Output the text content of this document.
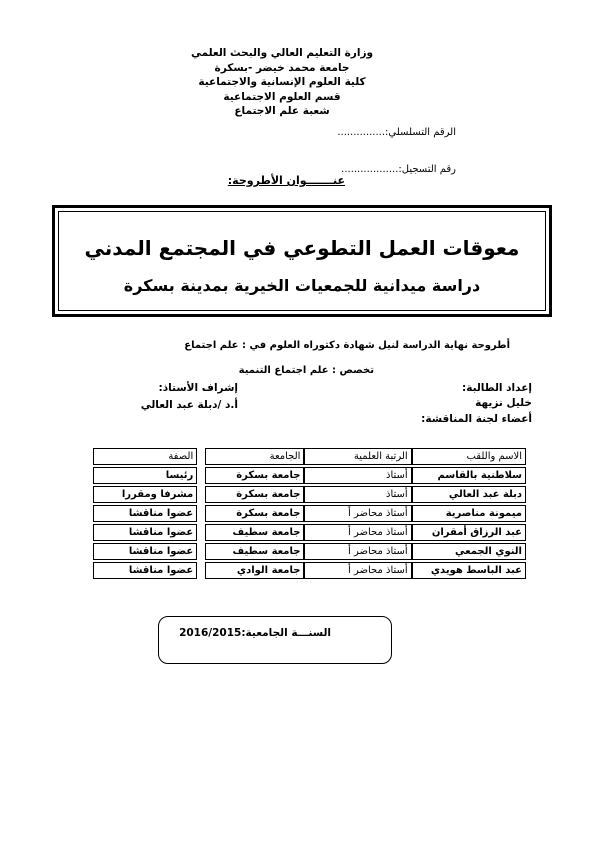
وزارة التعليم العالي والبحث العلمي
جامعة محمد خيضر -بسكرة
كلية العلوم الإنسانية والاجتماعية
قسم العلوم الاجتماعية
شعبة علم الاجتماع
الرقم التسلسلي:...............
عنـــــــوان الأطروحة:
رقم التسجيل:..................
معوقات العمل التطوعي في المجتمع المدني
دراسة ميدانية للجمعيات الخيرية بمدينة بسكرة
أطروحة نهاية الدراسة لنيل شهادة دكتوراه العلوم في : علم اجتماع
تخصص : علم اجتماع التنمية
إعداد الطالبة:
خليل نزيهة
أعضاء لجنة المناقشة:
إشراف الأستاذ:
أ.د /دبلة عبد العالي
الاسم واللقب	الرتبة العلمية	الجامعة		الصفة
سلاطنية بالقاسم	أستاذ	جامعة بسكرة		رئيسا
دبلة عبد العالي	أستاذ	جامعة بسكرة		مشرفا ومقررا
ميمونة مناصرية	أستاذ محاضر أ	جامعة بسكرة		عضوا مناقشا
عبد الرزاق أمقران	أستاذ محاضر أ	جامعة سطيف		عضوا مناقشا
النوي الجمعي	أستاذ محاضر أ	جامعة سطيف		عضوا مناقشا
عبد الباسط هويدي	أستاذ محاضر أ	جامعة الوادي		عضوا مناقشا
السنـــة الجامعية:2016/2015
